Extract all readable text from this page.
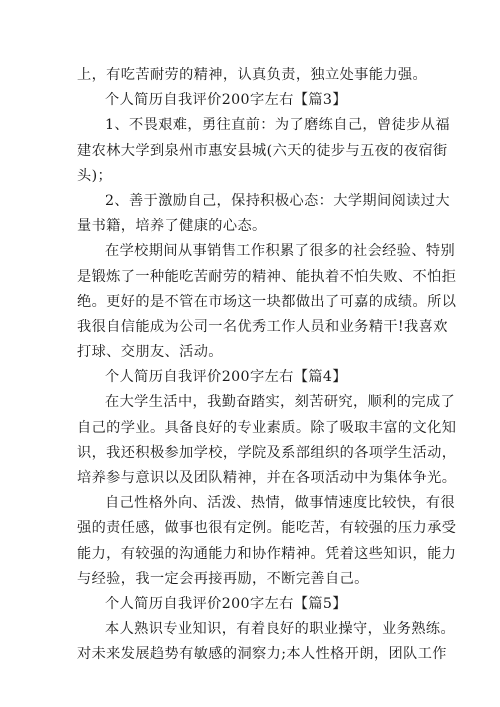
上，有吃苦耐劳的精神，认真负责，独立处事能力强。
个人简历自我评价200字左右【篇3】
1、不畏艰难，勇往直前：为了磨练自己，曾徒步从福
建农林大学到泉州市惠安县城(六天的徒步与五夜的夜宿街
头)；
2、善于激励自己，保持积极心态：大学期间阅读过大
量书籍，培养了健康的心态。
在学校期间从事销售工作积累了很多的社会经验、特别
是锻炼了一种能吃苦耐劳的精神、能执着不怕失败、不怕拒
绝。更好的是不管在市场这一块都做出了可嘉的成绩。所以
我很自信能成为公司一名优秀工作人员和业务精干!我喜欢
打球、交朋友、活动。
个人简历自我评价200字左右【篇4】
在大学生活中，我勤奋踏实，刻苦研究，顺利的完成了
自己的学业。具备良好的专业素质。除了吸取丰富的文化知
识，我还积极参加学校，学院及系部组织的各项学生活动，
培养参与意识以及团队精神，并在各项活动中为集体争光。
自己性格外向、活泼、热情，做事情速度比较快，有很
强的责任感，做事也很有定例。能吃苦，有较强的压力承受
能力，有较强的沟通能力和协作精神。凭着这些知识，能力
与经验，我一定会再接再励，不断完善自己。
个人简历自我评价200字左右【篇5】
本人熟识专业知识，有着良好的职业操守，业务熟练。
对未来发展趋势有敏感的洞察力;本人性格开朗，团队工作
